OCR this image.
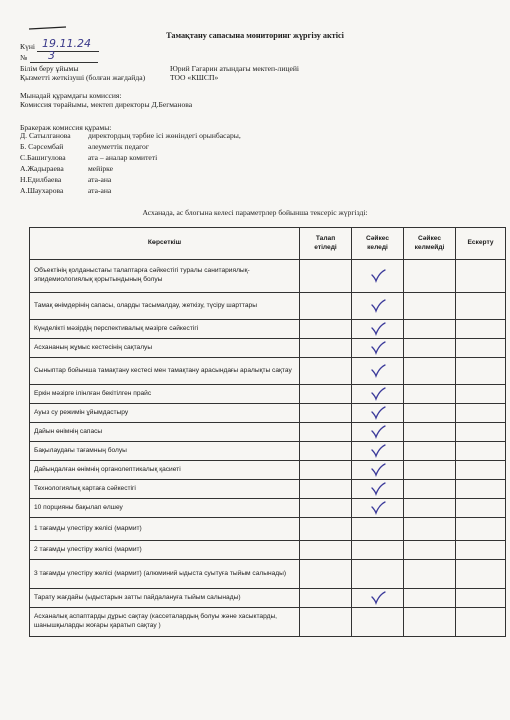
Тамақтану сапасына мониторинг жүргізу актісі
Күні 19.11.24
№ 3
Білім беру ұйымы	Юрий Гагарин атындағы мектеп-лицейі
Қызметті жеткізуші (болған жағдайда)	ТОО «КШСП»
Мынадай құрамдағы комиссия:
Комиссия төрайымы, мектеп директоры Д.Бегманова
Бракераж комиссия құрамы:
Д. Сатылганова директордың тәрбие ісі жөніндегі орынбасары,
Б. Сәрсембай	әлеуметтік педагог
С.Башигулова	ата – аналар комитеті
А.Жадыраева	мейірке
Н.Едилбаева	ата-ана
А.Шаухарова	ата-ана
Асханада, ас блогына келесі параметрлер бойынша тексеріс жүргізді:
Көрсеткіш	Талап етіледі	Сәйкес келеді	Сәйкес келмейді	Ескерту
Объектінің қолданыстағы талаптарға сәйкестігі туралы санитариялық-эпидемиологиялық қорытындының болуы		

Тамақ өнімдерінің сапасы, оларды тасымалдау, жеткізу, түсіру шарттары		

Күнделікті мәзірдің перспективалық мәзірге сәйкестігі		

Асхананың жұмыс кестесінің сақталуы		

Сыныптар бойынша тамақтану кестесі мен тамақтану арасындағы аралықты сақтау		

Еркін мәзірге ілінлған бекітілген прайс		

Ауыз су режимін ұйымдастыру		

Дайын өнімнің сапасы		

Бақылаудағы тағамның болуы		

Дайындалған өнімнің органолептикалық қасиеті		

Технологиялық картаға сәйкестігі		

10 порцияны бақылап өлшеу		

1 тағамды үлестіру желісі (мармит)				
2 тағамды үлестіру желісі (мармит)				
3 тағамды үлестіру желісі (мармит) (алюминий ыдыста суытуға тыйым салынады)				
Тарату жағдайы (ыдыстарын затты пайдалануға тыйым салынады)		

Асханалық аспаптарды дұрыс сақтау (кассеталардың болуы және хасыктарды, шанышқыларды жоғары қаратып сақтау )				
